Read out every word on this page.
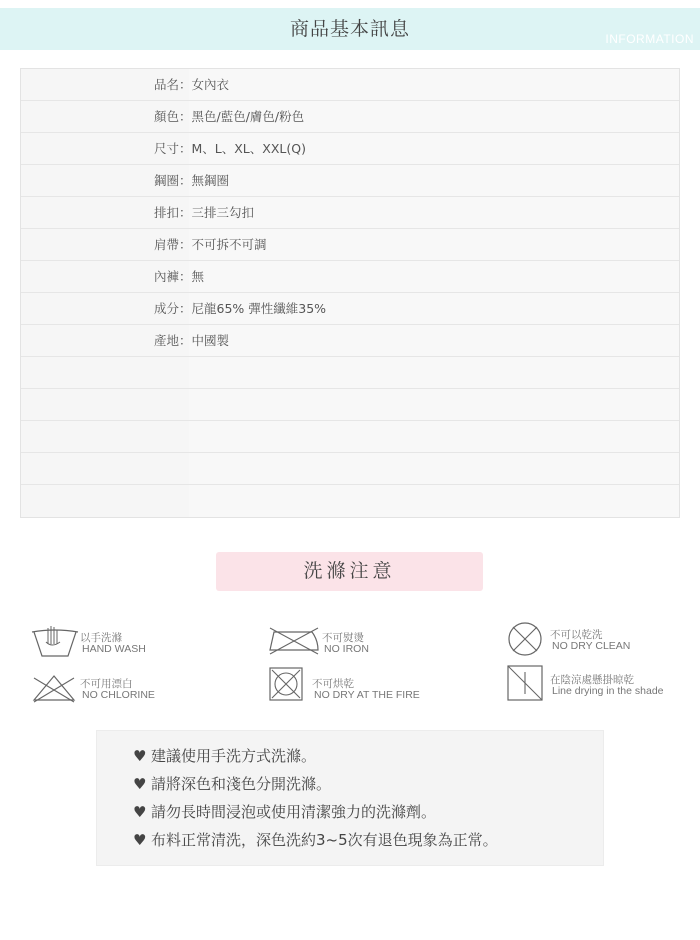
商品基本訊息	INFORMATION
品名：女內衣
顏色：黑色/藍色/膚色/粉色
尺寸：M、L、XL、XXL(Q)
鋼圈：無鋼圈
排扣：三排三勾扣
肩帶：不可拆不可調
內褲：無
成分：尼龍65% 彈性纖維35%
產地：中國製
洗滌注意
以手洗滌
HAND WASH
不可熨燙
NO IRON
不可以乾洗
NO DRY CLEAN
不可用漂白
NO CHLORINE
不可烘乾
NO DRY AT THE FIRE
在陰涼處懸掛晾乾
Line drying in the shade
♥ 建議使用手洗方式洗滌。
♥ 請將深色和淺色分開洗滌。
♥ 請勿長時間浸泡或使用清潔強力的洗滌劑。
♥ 布料正常清洗，深色洗約3~5次有退色現象為正常。
